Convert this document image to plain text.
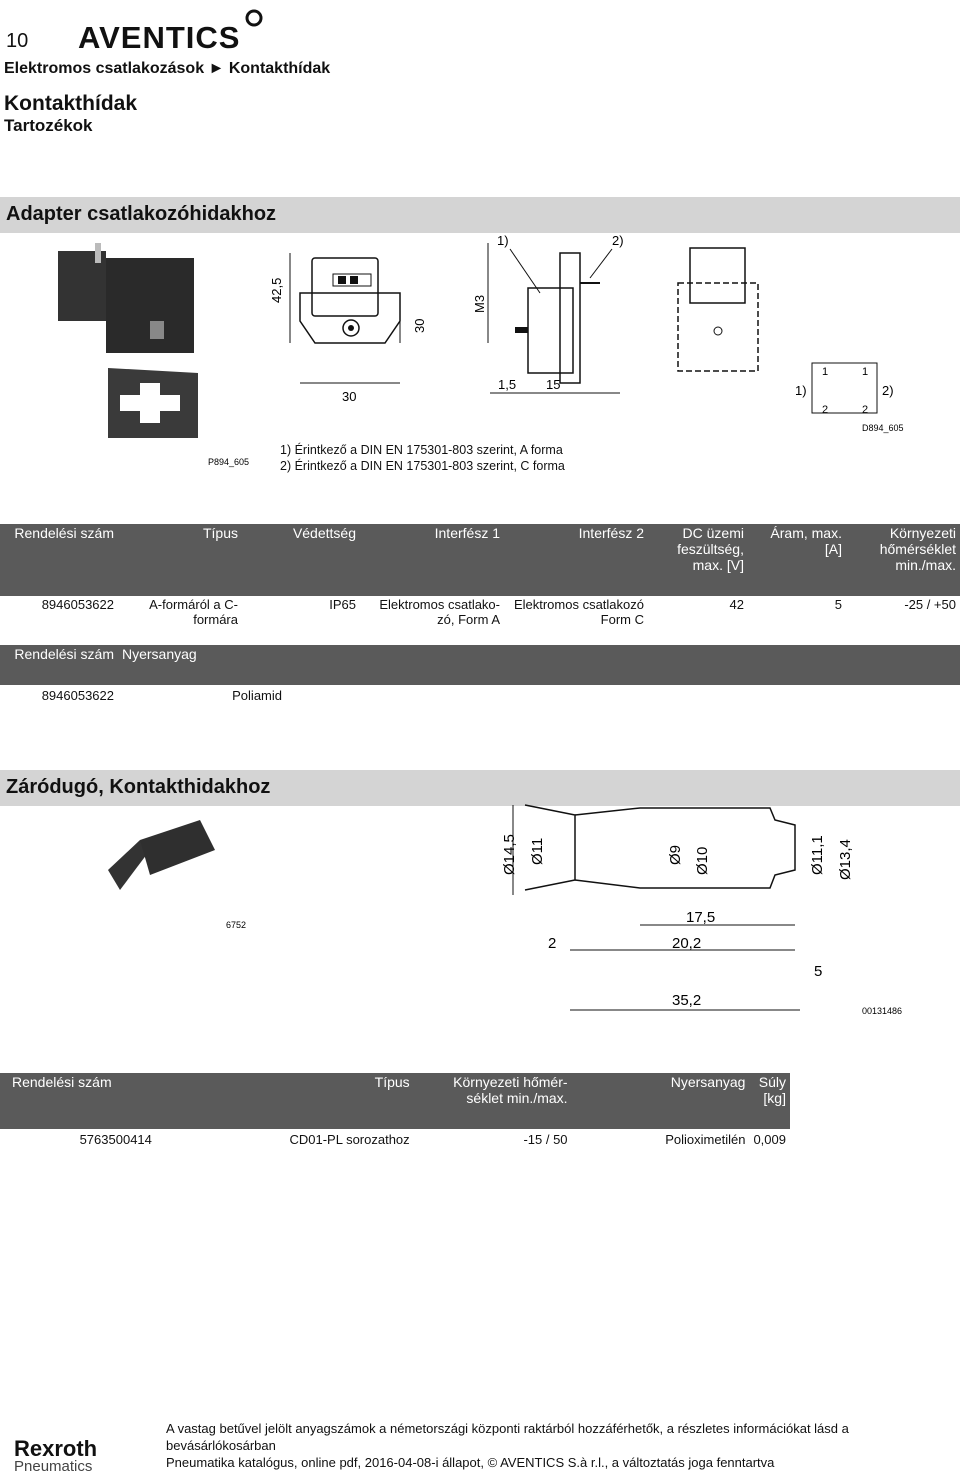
10 AVENTICS
Elektromos csatlakozások ► Kontakthídak
Kontakthídak
Tartozékok
Adapter csatlakozóhidakhoz
42,5
30
30
M3
1)	2)
1,5 15	1)	2)
1
2
1
2
D894_605
P894_605
1) Érintkező a DIN EN 175301-803 szerint, A forma
2) Érintkező a DIN EN 175301-803 szerint, C forma
Rendelési szám	Típus	Védettség	Interfész 1	Interfész 2	DC üzemi feszültség, max. [V]	Áram, max. [A]	Környezeti hőmérséklet min./max.
8946053622	A-formáról a C-formára	IP65	Elektromos csatlako-zó, Form A	Elektromos csatlakozó Form C	42	5	-25 / +50
Rendelési szám	Nyersanyag	
8946053622	Poliamid	
Záródugó, Kontakthidakhoz
6752
Ø14,5 Ø11	Ø9 Ø10	Ø11,1 Ø13,4
17,5
2	20,2
5
35,2
00131486
Rendelési szám	Típus	Környezeti hőmér-séklet min./max.	Nyersanyag	Súly [kg]
5763500414	CD01-PL sorozathoz	-15 / 50	Polioximetilén	0,009
A vastag betűvel jelölt anyagszámok a németországi központi raktárból hozzáférhetők, a részletes információkat lásd a bevásárlókosárban
Pneumatika katalógus, online pdf, 2016-04-08-i állapot, © AVENTICS S.à r.l., a változtatás joga fenntartva
Rexroth
Pneumatics
